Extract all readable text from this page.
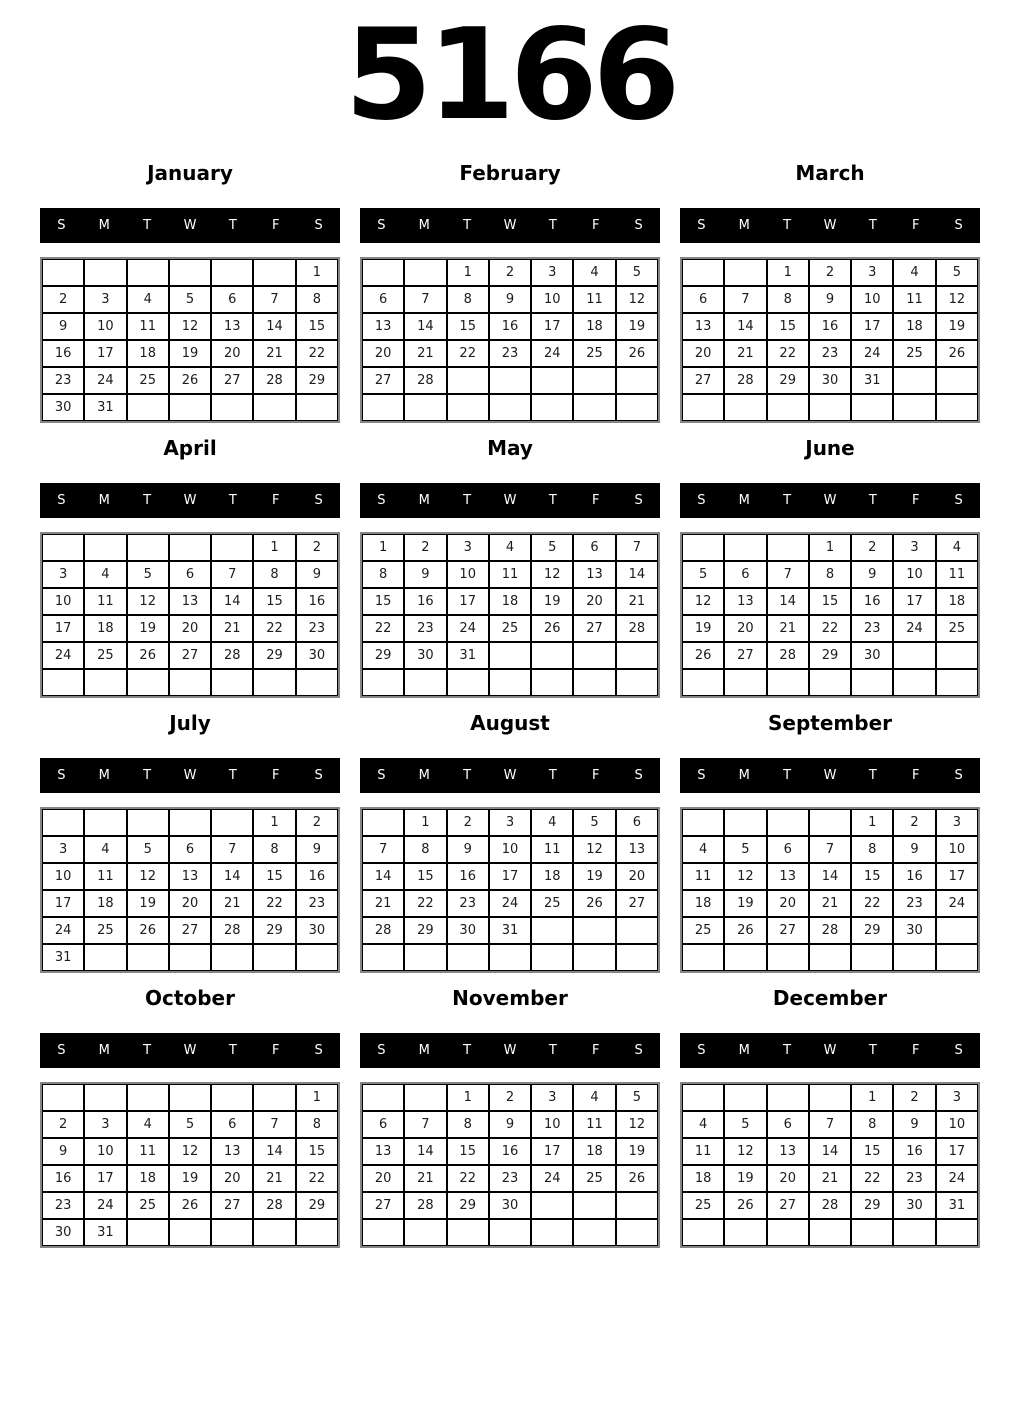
5166
January
S	M	T	W	T	F	S
						1
2	3	4	5	6	7	8
9	10	11	12	13	14	15
16	17	18	19	20	21	22
23	24	25	26	27	28	29
30	31					
February
S	M	T	W	T	F	S
		1	2	3	4	5
6	7	8	9	10	11	12
13	14	15	16	17	18	19
20	21	22	23	24	25	26
27	28					

March
S	M	T	W	T	F	S
		1	2	3	4	5
6	7	8	9	10	11	12
13	14	15	16	17	18	19
20	21	22	23	24	25	26
27	28	29	30	31		

April
S	M	T	W	T	F	S
					1	2
3	4	5	6	7	8	9
10	11	12	13	14	15	16
17	18	19	20	21	22	23
24	25	26	27	28	29	30

May
S	M	T	W	T	F	S
1	2	3	4	5	6	7
8	9	10	11	12	13	14
15	16	17	18	19	20	21
22	23	24	25	26	27	28
29	30	31				

June
S	M	T	W	T	F	S
			1	2	3	4
5	6	7	8	9	10	11
12	13	14	15	16	17	18
19	20	21	22	23	24	25
26	27	28	29	30		

July
S	M	T	W	T	F	S
					1	2
3	4	5	6	7	8	9
10	11	12	13	14	15	16
17	18	19	20	21	22	23
24	25	26	27	28	29	30
31						
August
S	M	T	W	T	F	S
	1	2	3	4	5	6
7	8	9	10	11	12	13
14	15	16	17	18	19	20
21	22	23	24	25	26	27
28	29	30	31			

September
S	M	T	W	T	F	S
				1	2	3
4	5	6	7	8	9	10
11	12	13	14	15	16	17
18	19	20	21	22	23	24
25	26	27	28	29	30	

October
S	M	T	W	T	F	S
						1
2	3	4	5	6	7	8
9	10	11	12	13	14	15
16	17	18	19	20	21	22
23	24	25	26	27	28	29
30	31					
November
S	M	T	W	T	F	S
		1	2	3	4	5
6	7	8	9	10	11	12
13	14	15	16	17	18	19
20	21	22	23	24	25	26
27	28	29	30			

December
S	M	T	W	T	F	S
				1	2	3
4	5	6	7	8	9	10
11	12	13	14	15	16	17
18	19	20	21	22	23	24
25	26	27	28	29	30	31
